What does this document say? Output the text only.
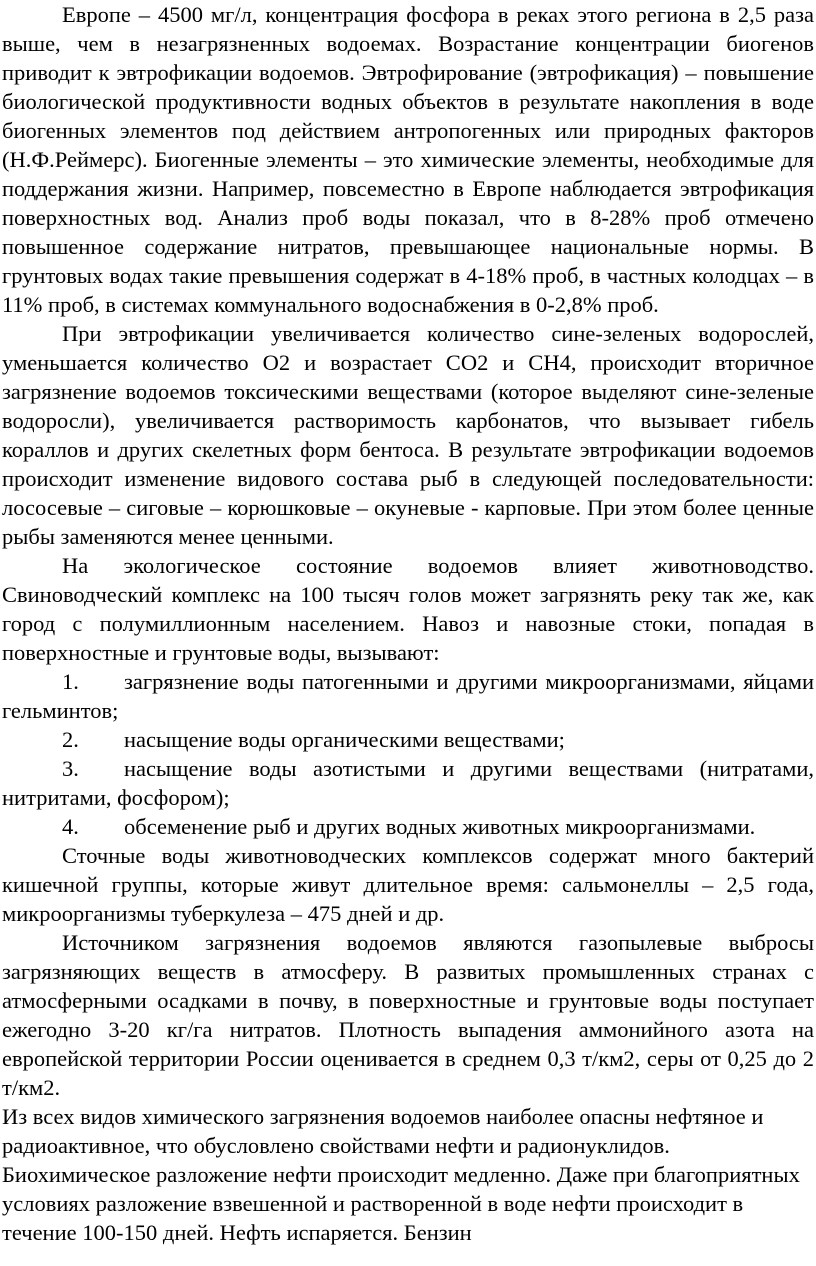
Европе – 4500 мг/л, концентрация фосфора в реках этого региона в 2,5 раза выше, чем в незагрязненных водоемах. Возрастание концентрации биогенов приводит к эвтрофикации водоемов. Эвтрофирование (эвтрофикация) – повышение биологической продуктивности водных объектов в результате накопления в воде биогенных элементов под действием антропогенных или природных факторов (Н.Ф.Реймерс). Биогенные элементы – это химические элементы, необходимые для поддержания жизни. Например, повсеместно в Европе наблюдается эвтрофикация поверхностных вод. Анализ проб воды показал, что в 8-28% проб отмечено повышенное содержание нитратов, превышающее национальные нормы. В грунтовых водах такие превышения содержат в 4-18% проб, в частных колодцах – в 11% проб, в системах коммунального водоснабжения в 0-2,8% проб.

При эвтрофикации увеличивается количество сине-зеленых водорослей, уменьшается количество О2 и возрастает СО2 и СН4, происходит вторичное загрязнение водоемов токсическими веществами (которое выделяют сине-зеленые водоросли), увеличивается растворимость карбонатов, что вызывает гибель кораллов и других скелетных форм бентоса. В результате эвтрофикации водоемов происходит изменение видового состава рыб в следующей последовательности: лососевые – сиговые – корюшковые – окуневые - карповые. При этом более ценные рыбы заменяются менее ценными.

На экологическое состояние водоемов влияет животноводство. Свиноводческий комплекс на 100 тысяч голов может загрязнять реку так же, как город с полумиллионным населением. Навоз и навозные стоки, попадая в поверхностные и грунтовые воды, вызывают:

1. загрязнение воды патогенными и другими микроорганизмами, яйцами гельминтов;

2. насыщение воды органическими веществами;

3. насыщение воды азотистыми и другими веществами (нитратами, нитритами, фосфором);

4. обсеменение рыб и других водных животных микроорганизмами.

Сточные воды животноводческих комплексов содержат много бактерий кишечной группы, которые живут длительное время: сальмонеллы – 2,5 года, микроорганизмы туберкулеза – 475 дней и др.

Источником загрязнения водоемов являются газопылевые выбросы загрязняющих веществ в атмосферу. В развитых промышленных странах с атмосферными осадками в почву, в поверхностные и грунтовые воды поступает ежегодно 3-20 кг/га нитратов. Плотность выпадения аммонийного азота на европейской территории России оценивается в среднем 0,3 т/км2, серы от 0,25 до 2 т/км2.

Из всех видов химического загрязнения водоемов наиболее опасны нефтяное и радиоактивное, что обусловлено свойствами нефти и радионуклидов. Биохимическое разложение нефти происходит медленно. Даже при благоприятных условиях разложение взвешенной и растворенной в воде нефти происходит в течение 100-150 дней. Нефть испаряется. Бензин
